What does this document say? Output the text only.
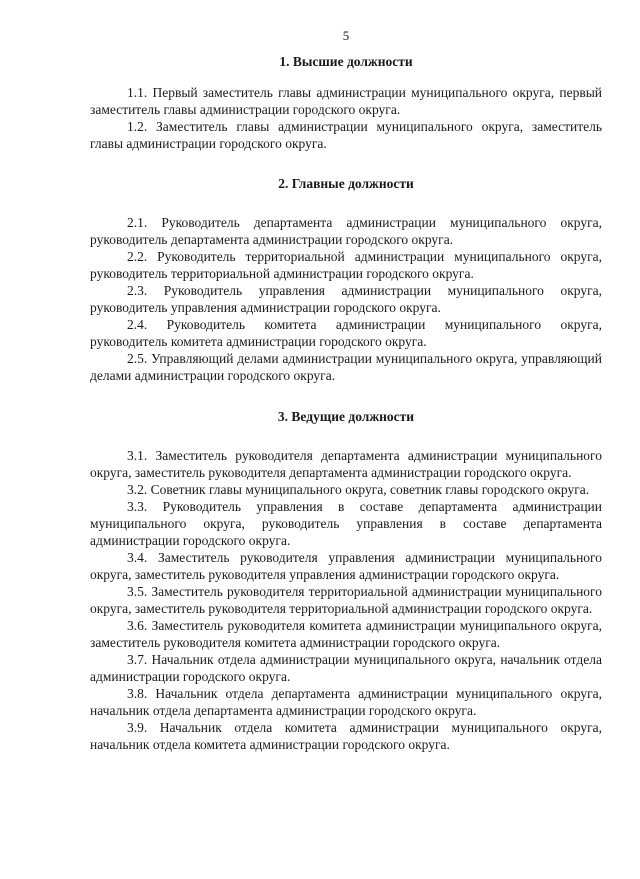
5
1. Высшие должности

1.1. Первый заместитель главы администрации муниципального округа, первый заместитель главы администрации городского округа.

1.2. Заместитель главы администрации муниципального округа, заместитель главы администрации городского округа.

2. Главные должности

2.1. Руководитель департамента администрации муниципального округа, руководитель департамента администрации городского округа.

2.2. Руководитель территориальной администрации муниципального округа, руководитель территориальной администрации городского округа.

2.3. Руководитель управления администрации муниципального округа, руководитель управления администрации городского округа.

2.4. Руководитель комитета администрации муниципального округа, руководитель комитета администрации городского округа.

2.5. Управляющий делами администрации муниципального округа, управляющий делами администрации городского округа.

3. Ведущие должности

3.1. Заместитель руководителя департамента администрации муниципального округа, заместитель руководителя департамента администрации городского округа.

3.2. Советник главы муниципального округа, советник главы городского округа.

3.3. Руководитель управления в составе департамента администрации муниципального округа, руководитель управления в составе департамента администрации городского округа.

3.4. Заместитель руководителя управления администрации муниципального округа, заместитель руководителя управления администрации городского округа.

3.5. Заместитель руководителя территориальной администрации муниципального округа, заместитель руководителя территориальной администрации городского округа.

3.6. Заместитель руководителя комитета администрации муниципального округа, заместитель руководителя комитета администрации городского округа.

3.7. Начальник отдела администрации муниципального округа, начальник отдела администрации городского округа.

3.8. Начальник отдела департамента администрации муниципального округа, начальник отдела департамента администрации городского округа.

3.9. Начальник отдела комитета администрации муниципального округа, начальник отдела комитета администрации городского округа.
